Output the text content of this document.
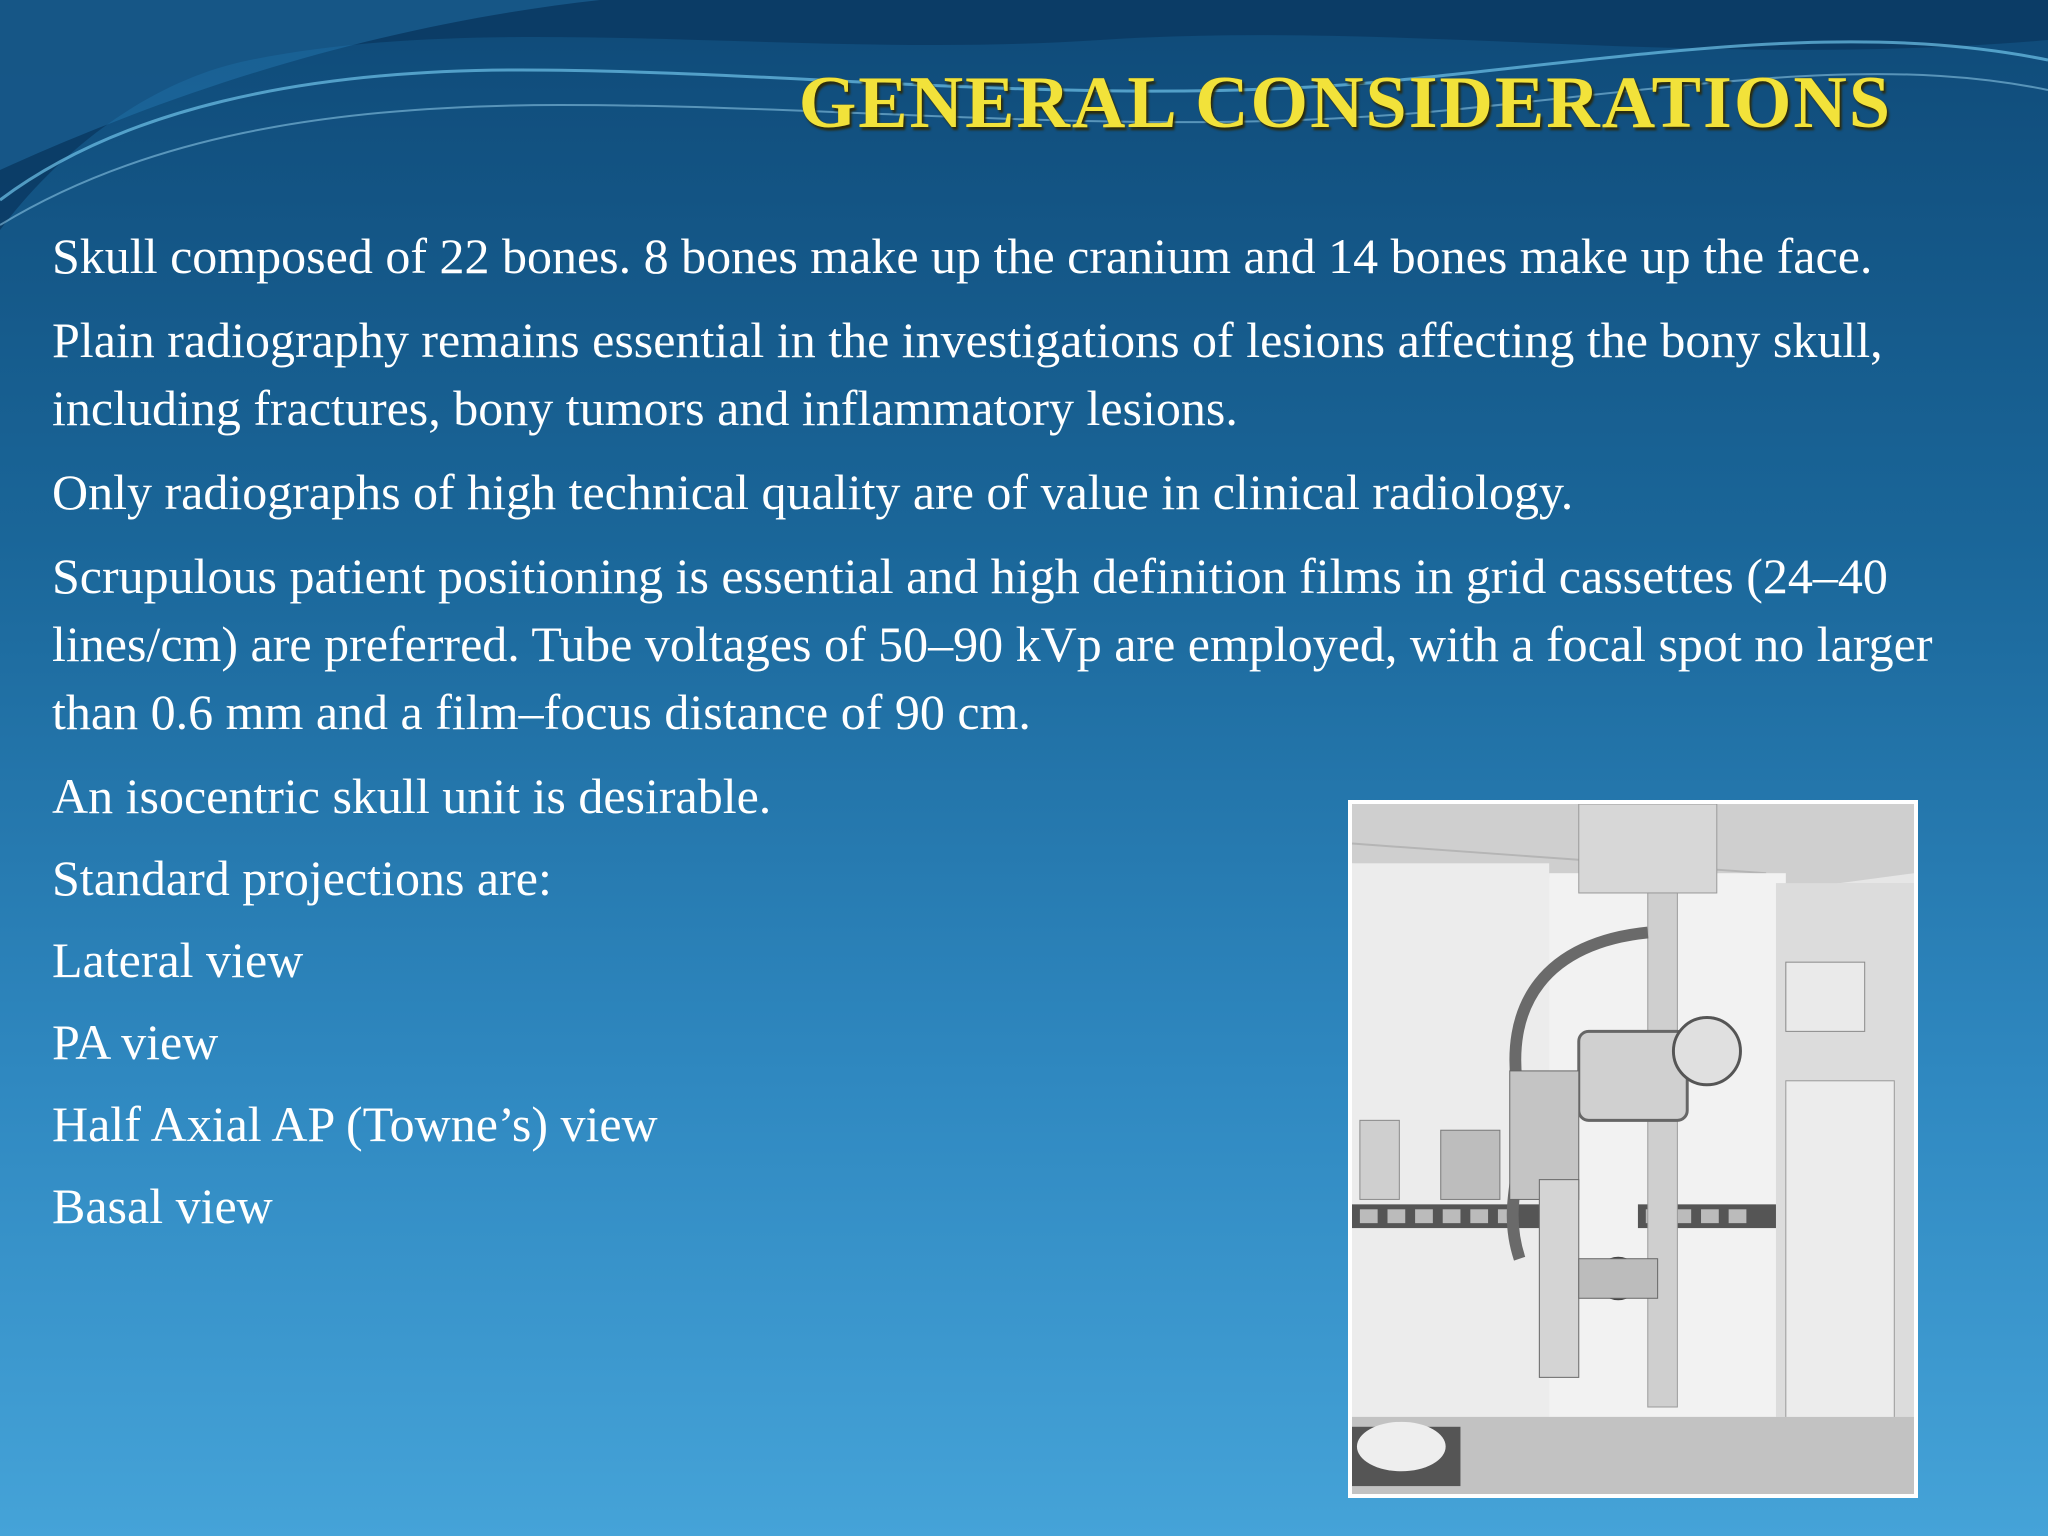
GENERAL CONSIDERATIONS

Skull composed of 22 bones. 8 bones make up the cranium and 14 bones make up the face.

Plain radiography remains essential in the investigations of lesions affecting the bony skull, including fractures, bony tumors and inflammatory lesions.

Only radiographs of high technical quality are of value in clinical radiology.

Scrupulous patient positioning is essential and high definition films in grid cassettes (24–40 lines/cm) are preferred. Tube voltages of 50–90 kVp are employed, with a focal spot no larger than 0.6 mm and a film–focus distance of 90 cm.

An isocentric skull unit is desirable.

Standard projections are:

Lateral view

PA view

Half Axial AP (Towne’s) view

Basal view
